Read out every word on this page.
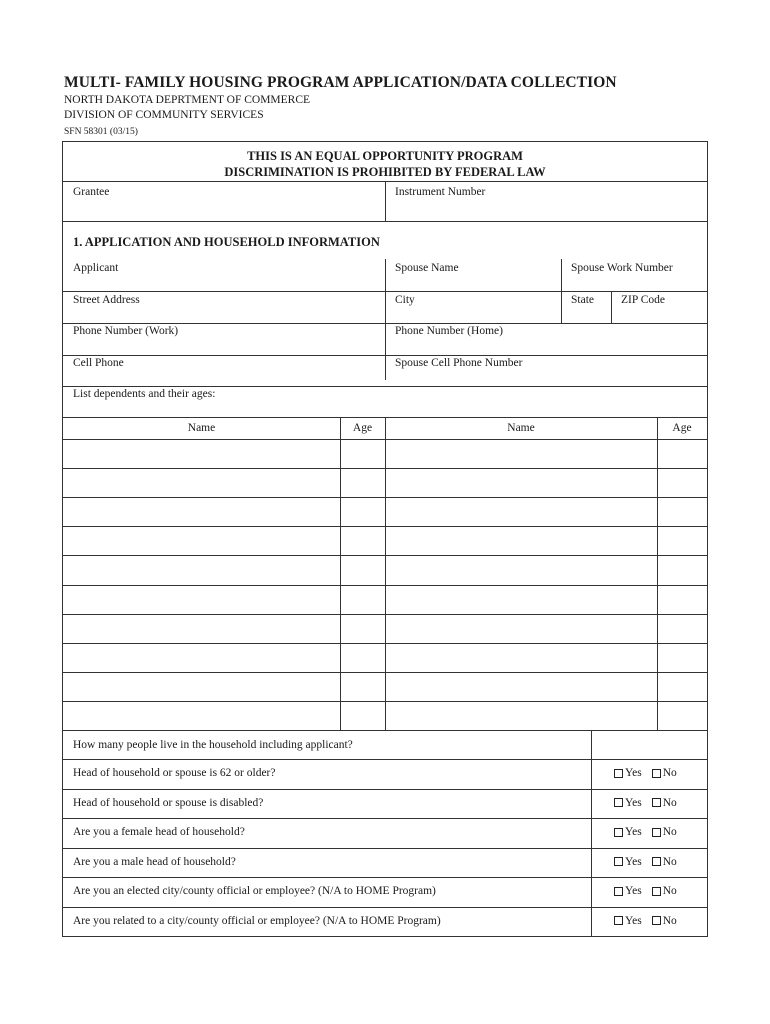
MULTI- FAMILY HOUSING PROGRAM APPLICATION/DATA COLLECTION
NORTH DAKOTA DEPRTMENT OF COMMERCE
DIVISION OF COMMUNITY SERVICES
SFN 58301 (03/15)
THIS IS AN EQUAL OPPORTUNITY PROGRAM
DISCRIMINATION IS PROHIBITED BY FEDERAL LAW
Grantee	Instrument Number
1. APPLICATION AND HOUSEHOLD INFORMATION
Applicant	Spouse Name	Spouse Work Number
Street Address	City	State ZIP Code
Phone Number (Work)	Phone Number (Home)
Cell Phone	Spouse Cell Phone Number
List dependents and their ages:
Name	Age	Name	Age
How many people live in the household including applicant?
Head of household or spouse is 62 or older?	Yes No
Head of household or spouse is disabled?	Yes No
Are you a female head of household?	Yes No
Are you a male head of household?	Yes No
Are you an elected city/county official or employee? (N/A to HOME Program)	Yes No
Are you related to a city/county official or employee? (N/A to HOME Program)	Yes No
